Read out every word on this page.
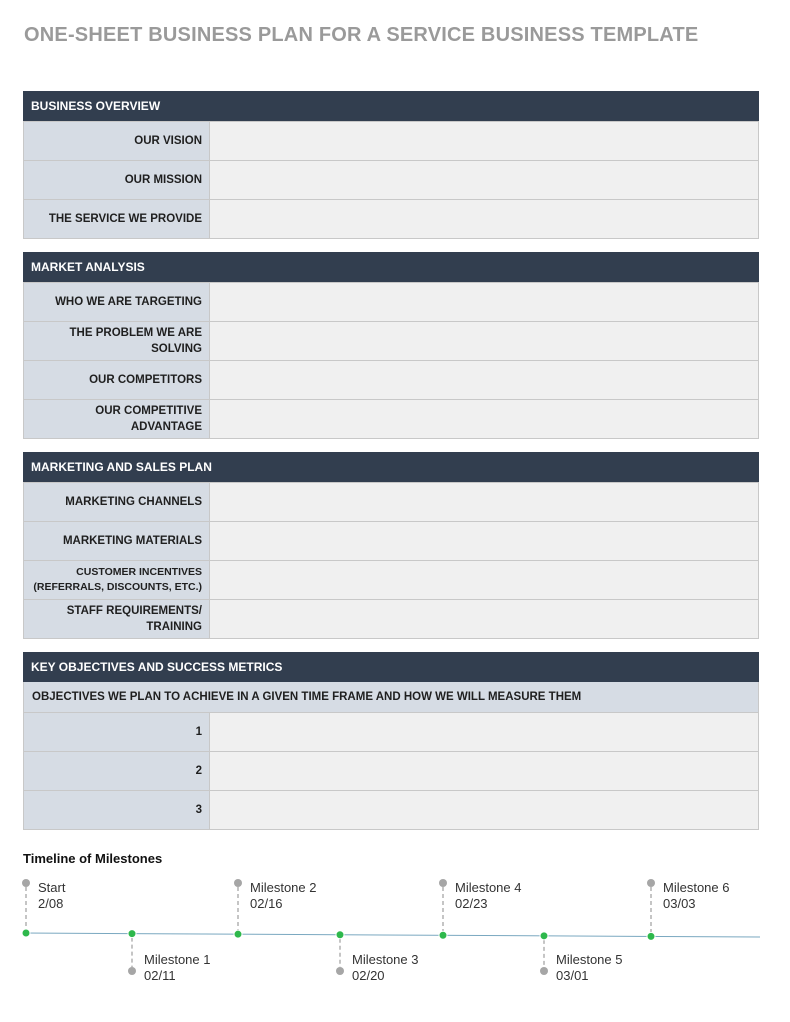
ONE-SHEET BUSINESS PLAN FOR A SERVICE BUSINESS TEMPLATE
BUSINESS OVERVIEW
OUR VISION	
OUR MISSION	
THE SERVICE WE PROVIDE	
MARKET ANALYSIS
WHO WE ARE TARGETING	
THE PROBLEM WE ARE SOLVING	
OUR COMPETITORS	
OUR COMPETITIVE ADVANTAGE	
MARKETING AND SALES PLAN
MARKETING CHANNELS	
MARKETING MATERIALS	
CUSTOMER INCENTIVES (REFERRALS, DISCOUNTS, ETC.)	
STAFF REQUIREMENTS/ TRAINING	
KEY OBJECTIVES AND SUCCESS METRICS
OBJECTIVES WE PLAN TO ACHIEVE IN A GIVEN TIME FRAME AND HOW WE WILL MEASURE THEM
1	
2	
3	
Timeline of Milestones
Start
2/08
Milestone 1
02/11
Milestone 2
02/16
Milestone 3
02/20
Milestone 4
02/23
Milestone 5
03/01
Milestone 6
03/03
